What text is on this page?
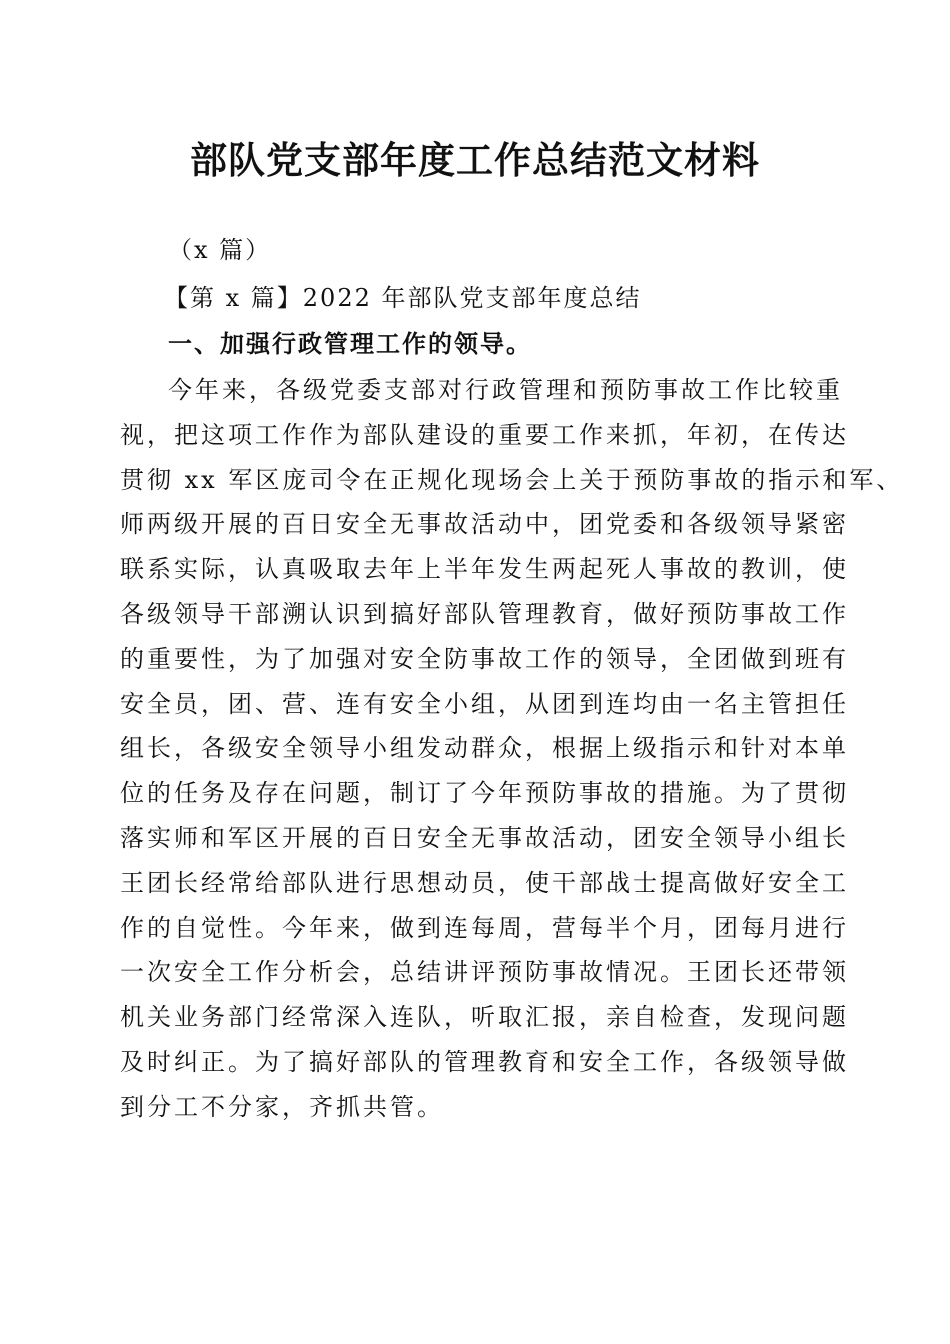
部队党支部年度工作总结范文材料
（x 篇）
【第 x 篇】2022 年部队党支部年度总结
一、加强行政管理工作的领导。
今年来，各级党委支部对行政管理和预防事故工作比较重
视，把这项工作作为部队建设的重要工作来抓，年初，在传达
贯彻 xx 军区庞司令在正规化现场会上关于预防事故的指示和军、
师两级开展的百日安全无事故活动中，团党委和各级领导紧密
联系实际，认真吸取去年上半年发生两起死人事故的教训，使
各级领导干部溯认识到搞好部队管理教育，做好预防事故工作
的重要性，为了加强对安全防事故工作的领导，全团做到班有
安全员，团、营、连有安全小组，从团到连均由一名主管担任
组长，各级安全领导小组发动群众，根据上级指示和针对本单
位的任务及存在问题，制订了今年预防事故的措施。为了贯彻
落实师和军区开展的百日安全无事故活动，团安全领导小组长
王团长经常给部队进行思想动员，使干部战士提高做好安全工
作的自觉性。今年来，做到连每周，营每半个月，团每月进行
一次安全工作分析会，总结讲评预防事故情况。王团长还带领
机关业务部门经常深入连队，听取汇报，亲自检查，发现问题
及时纠正。为了搞好部队的管理教育和安全工作，各级领导做
到分工不分家，齐抓共管。
